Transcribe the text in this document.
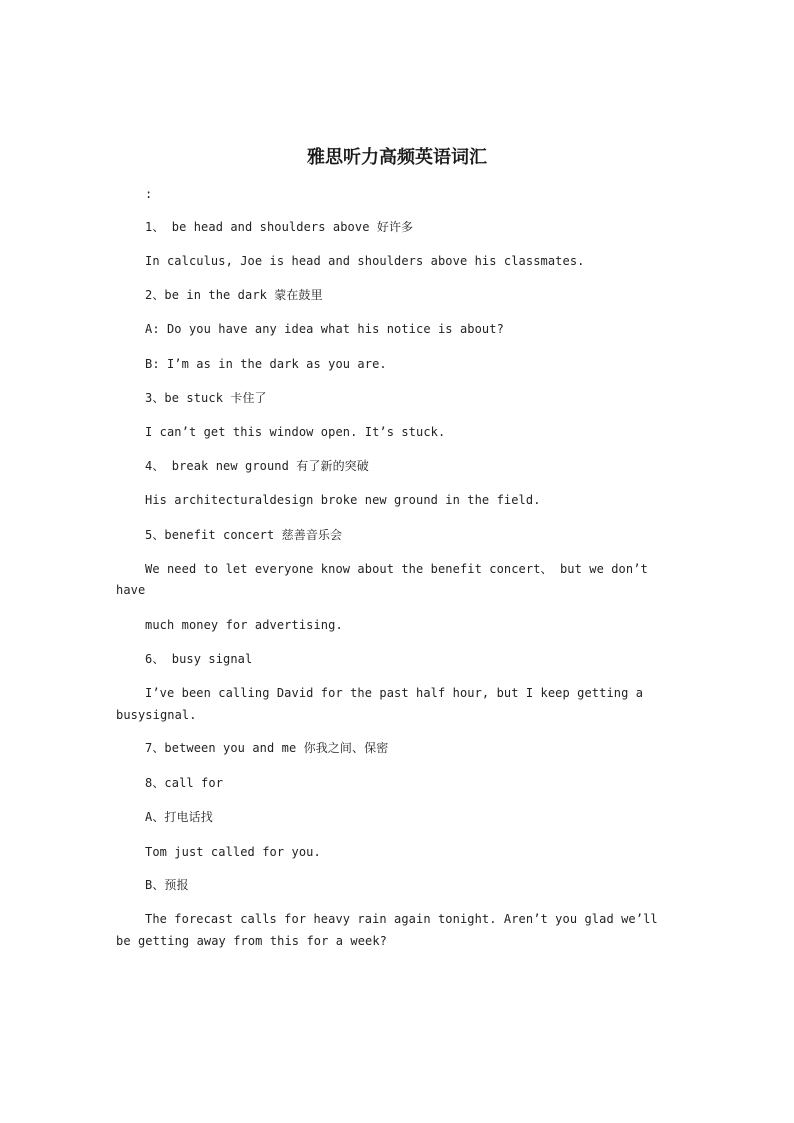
雅思听力高频英语词汇
:
1、 be head and shoulders above 好许多
In calculus, Joe is head and shoulders above his classmates.
2、be in the dark 蒙在鼓里
A: Do you have any idea what his notice is about?
B: I’m as in the dark as you are.
3、be stuck 卡住了
I can’t get this window open. It’s stuck.
4、 break new ground 有了新的突破
His architecturaldesign broke new ground in the field.
5、benefit concert 慈善音乐会
We need to let everyone know about the benefit concert、 but we don’t
have
much money for advertising.
6、 busy signal
I’ve been calling David for the past half hour, but I keep getting a
busysignal.
7、between you and me 你我之间、保密
8、call for
A、打电话找
Tom just called for you.
B、预报
The forecast calls for heavy rain again tonight. Aren’t you glad we’ll
be getting away from this for a week?
